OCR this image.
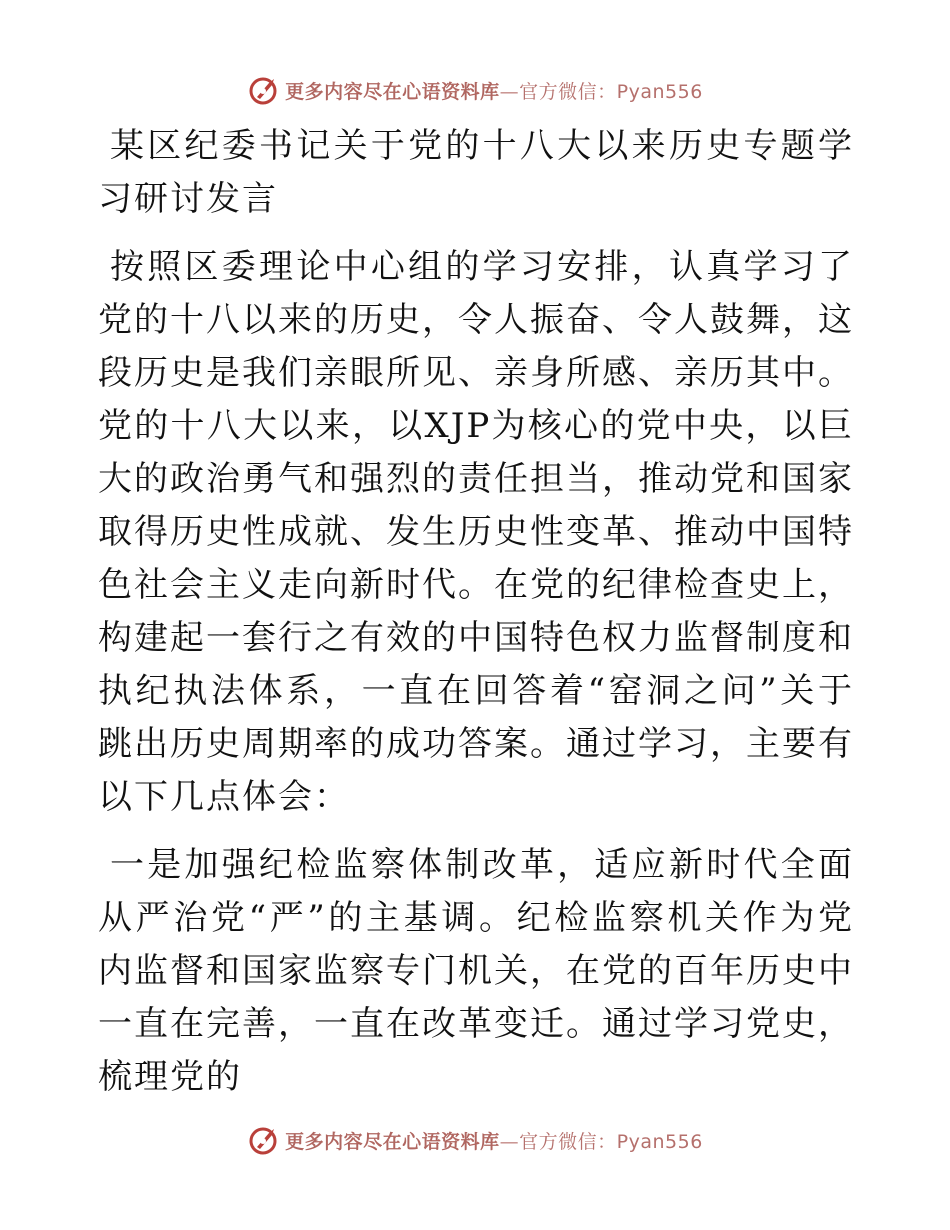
更多内容尽在心语资料库—官方微信：Pyan556
某区纪委书记关于党的十八大以来历史专题学习研讨发言

按照区委理论中心组的学习安排，认真学习了党的十八以来的历史，令人振奋、令人鼓舞，这段历史是我们亲眼所见、亲身所感、亲历其中。党的十八大以来，以XJP为核心的党中央，以巨大的政治勇气和强烈的责任担当，推动党和国家取得历史性成就、发生历史性变革、推动中国特色社会主义走向新时代。在党的纪律检查史上，构建起一套行之有效的中国特色权力监督制度和执纪执法体系，一直在回答着“窑洞之问”关于跳出历史周期率的成功答案。通过学习，主要有以下几点体会：

一是加强纪检监察体制改革，适应新时代全面从严治党“严”的主基调。纪检监察机关作为党内监督和国家监察专门机关，在党的百年历史中一直在完善，一直在改革变迁。通过学习党史，梳理党的

更多内容尽在心语资料库—官方微信：Pyan556
